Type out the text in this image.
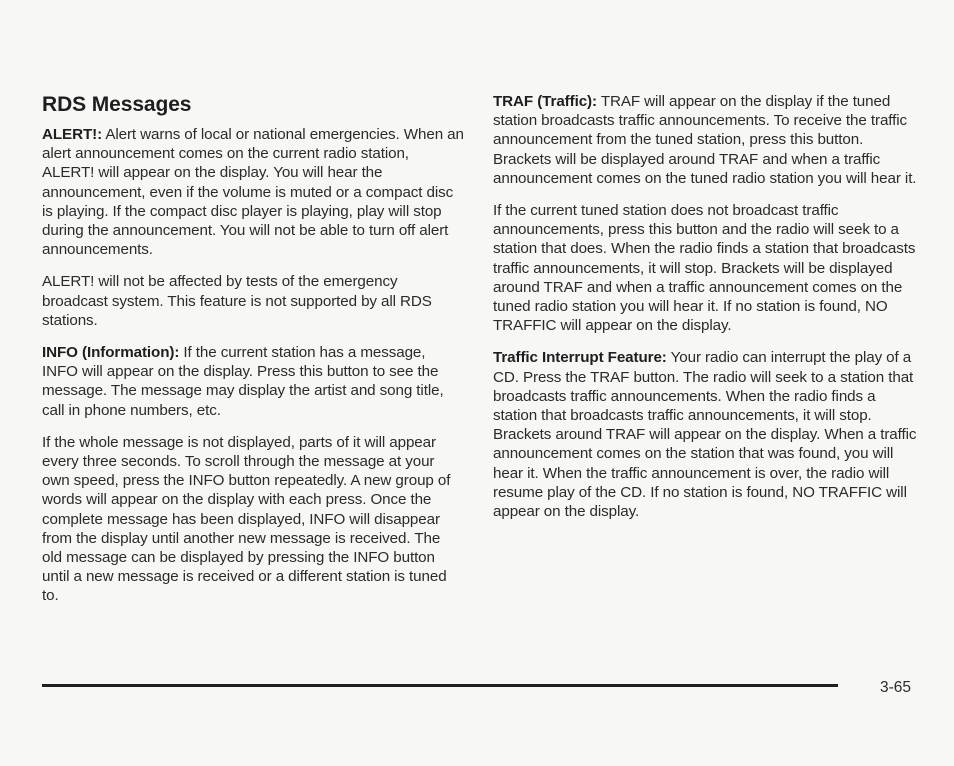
RDS Messages

ALERT!: Alert warns of local or national emergencies. When an alert announcement comes on the current radio station, ALERT! will appear on the display. You will hear the announcement, even if the volume is muted or a compact disc is playing. If the compact disc player is playing, play will stop during the announcement. You will not be able to turn off alert announcements.

ALERT! will not be affected by tests of the emergency broadcast system. This feature is not supported by all RDS stations.

INFO (Information): If the current station has a message, INFO will appear on the display. Press this button to see the message. The message may display the artist and song title, call in phone numbers, etc.

If the whole message is not displayed, parts of it will appear every three seconds. To scroll through the message at your own speed, press the INFO button repeatedly. A new group of words will appear on the display with each press. Once the complete message has been displayed, INFO will disappear from the display until another new message is received. The old message can be displayed by pressing the INFO button until a new message is received or a different station is tuned to.

TRAF (Traffic): TRAF will appear on the display if the tuned station broadcasts traffic announcements. To receive the traffic announcement from the tuned station, press this button. Brackets will be displayed around TRAF and when a traffic announcement comes on the tuned radio station you will hear it.

If the current tuned station does not broadcast traffic announcements, press this button and the radio will seek to a station that does. When the radio finds a station that broadcasts traffic announcements, it will stop. Brackets will be displayed around TRAF and when a traffic announcement comes on the tuned radio station you will hear it. If no station is found, NO TRAFFIC will appear on the display.

Traffic Interrupt Feature: Your radio can interrupt the play of a CD. Press the TRAF button. The radio will seek to a station that broadcasts traffic announcements. When the radio finds a station that broadcasts traffic announcements, it will stop. Brackets around TRAF will appear on the display. When a traffic announcement comes on the station that was found, you will hear it. When the traffic announcement is over, the radio will resume play of the CD. If no station is found, NO TRAFFIC will appear on the display.

3-65
